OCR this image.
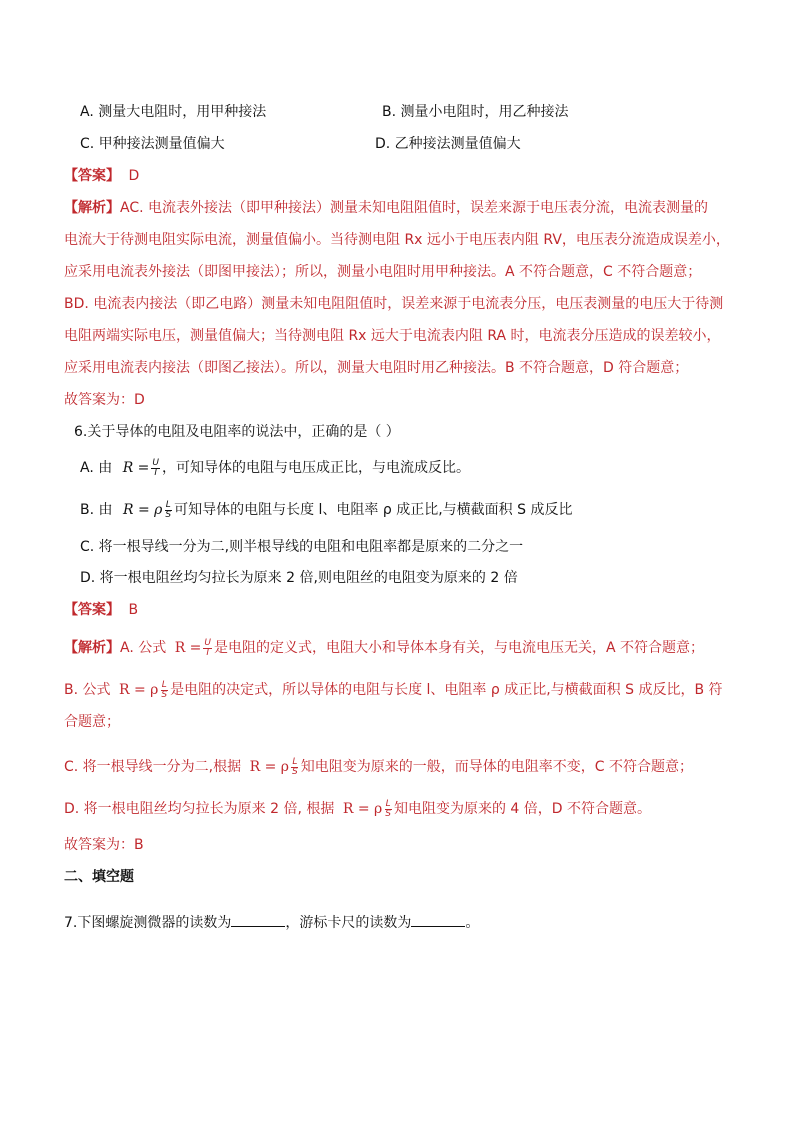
A. 测量大电阻时，用甲种接法	B. 测量小电阻时，用乙种接法
C. 甲种接法测量值偏大	D. 乙种接法测量值偏大
【答案】 D
【解析】AC. 电流表外接法（即甲种接法）测量未知电阻阻值时，误差来源于电压表分流，电流表测量的
电流大于待测电阻实际电流，测量值偏小。当待测电阻 Rx 远小于电压表内阻 RV，电压表分流造成误差小，
应采用电流表外接法（即图甲接法）；所以，测量小电阻时用甲种接法。A 不符合题意，C 不符合题意；
BD. 电流表内接法（即乙电路）测量未知电阻阻值时，误差来源于电流表分压，电压表测量的电压大于待测
电阻两端实际电压，测量值偏大；当待测电阻 Rx 远大于电流表内阻 RA 时，电流表分压造成的误差较小，
应采用电流表内接法（即图乙接法）。所以，测量大电阻时用乙种接法。B 不符合题意，D 符合题意；
故答案为：D
6.关于导体的电阻及电阻率的说法中，正确的是（ ）
A. 由 $R = \frac{U}{I}$ ，可知导体的电阻与电压成正比，与电流成反比。
B. 由 R = ρ $\frac{L}{S}$ 可知导体的电阻与长度 l、电阻率 ρ 成正比,与横截面积 S 成反比
C. 将一根导线一分为二,则半根导线的电阻和电阻率都是原来的二分之一
D. 将一根电阻丝均匀拉长为原来 2 倍,则电阻丝的电阻变为原来的 2 倍
【答案】 B
【解析】A. 公式 $R = \frac{U}{I}$ 是电阻的定义式，电阻大小和导体本身有关，与电流电压无关，A 不符合题意；
B. 公式 R = ρ $\frac{L}{S}$ 是电阻的决定式，所以导体的电阻与长度 l、电阻率 ρ 成正比,与横截面积 S 成反比，B 符
合题意；
C. 将一根导线一分为二,根据 R = ρ $\frac{L}{S}$ 知电阻变为原来的一般，而导体的电阻率不变，C 不符合题意；
D. 将一根电阻丝均匀拉长为原来 2 倍, 根据 R = ρ $\frac{L}{S}$ 知电阻变为原来的 4 倍，D 不符合题意。
故答案为：B
二、填空题
7.下图螺旋测微器的读数为	，游标卡尺的读数为	。
